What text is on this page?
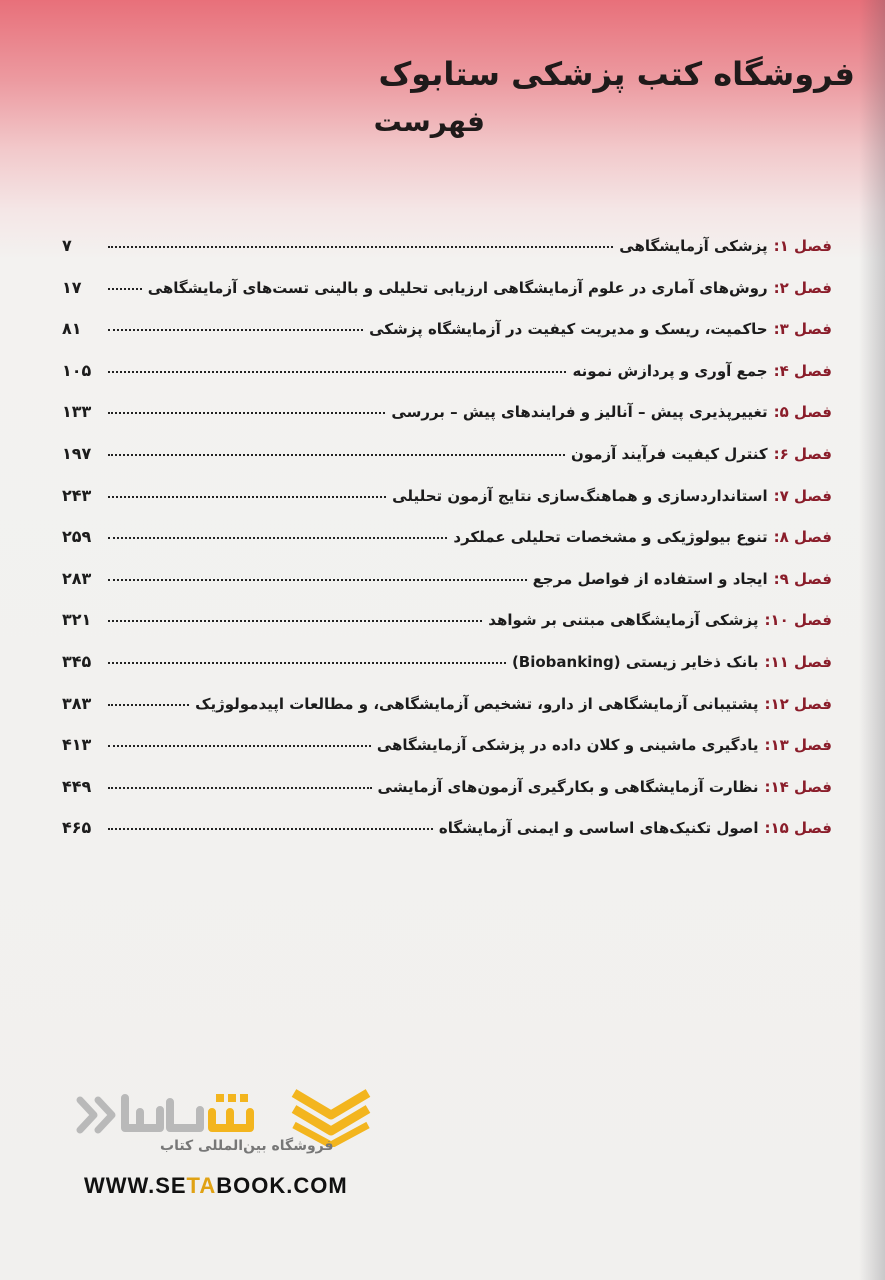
فروشگاه کتب پزشکی ستابوک
فهرست
فصل ۱:
پزشکی آزمایشگاهی
۷
فصل ۲:
روش‌های آماری در علوم آزمایشگاهی ارزیابی تحلیلی و بالینی تست‌های آزمایشگاهی
۱۷
فصل ۳:
حاکمیت، ریسک و مدیریت کیفیت در آزمایشگاه پزشکی
۸۱
فصل ۴:
جمع آوری و پردازش نمونه
۱۰۵
فصل ۵:
تغییرپذیری پیش – آنالیز و فرایندهای پیش – بررسی
۱۳۳
فصل ۶:
کنترل کیفیت فرآیند آزمون
۱۹۷
فصل ۷:
استانداردسازی و هماهنگ‌سازی نتایج آزمون تحلیلی
۲۴۳
فصل ۸:
تنوع بیولوژیکی و مشخصات تحلیلی عملکرد
۲۵۹
فصل ۹:
ایجاد و استفاده از فواصل مرجع
۲۸۳
فصل ۱۰:
پزشکی آزمایشگاهی مبتنی بر شواهد
۳۲۱
فصل ۱۱:
بانک ذخایر زیستی (Biobanking)
۳۴۵
فصل ۱۲:
پشتیبانی آزمایشگاهی از دارو، تشخیص آزمایشگاهی، و مطالعات اپیدمولوژیک
۳۸۳
فصل ۱۳:
یادگیری ماشینی و کلان داده در پزشکی آزمایشگاهی
۴۱۳
فصل ۱۴:
نظارت آزمایشگاهی و بکارگیری آزمون‌های آزمایشی
۴۴۹
فصل ۱۵:
اصول تکنیک‌های اساسی و ایمنی آزمایشگاه
۴۶۵
فروشگاه بین‌المللی کتاب
WWW.SETABOOK.COM
